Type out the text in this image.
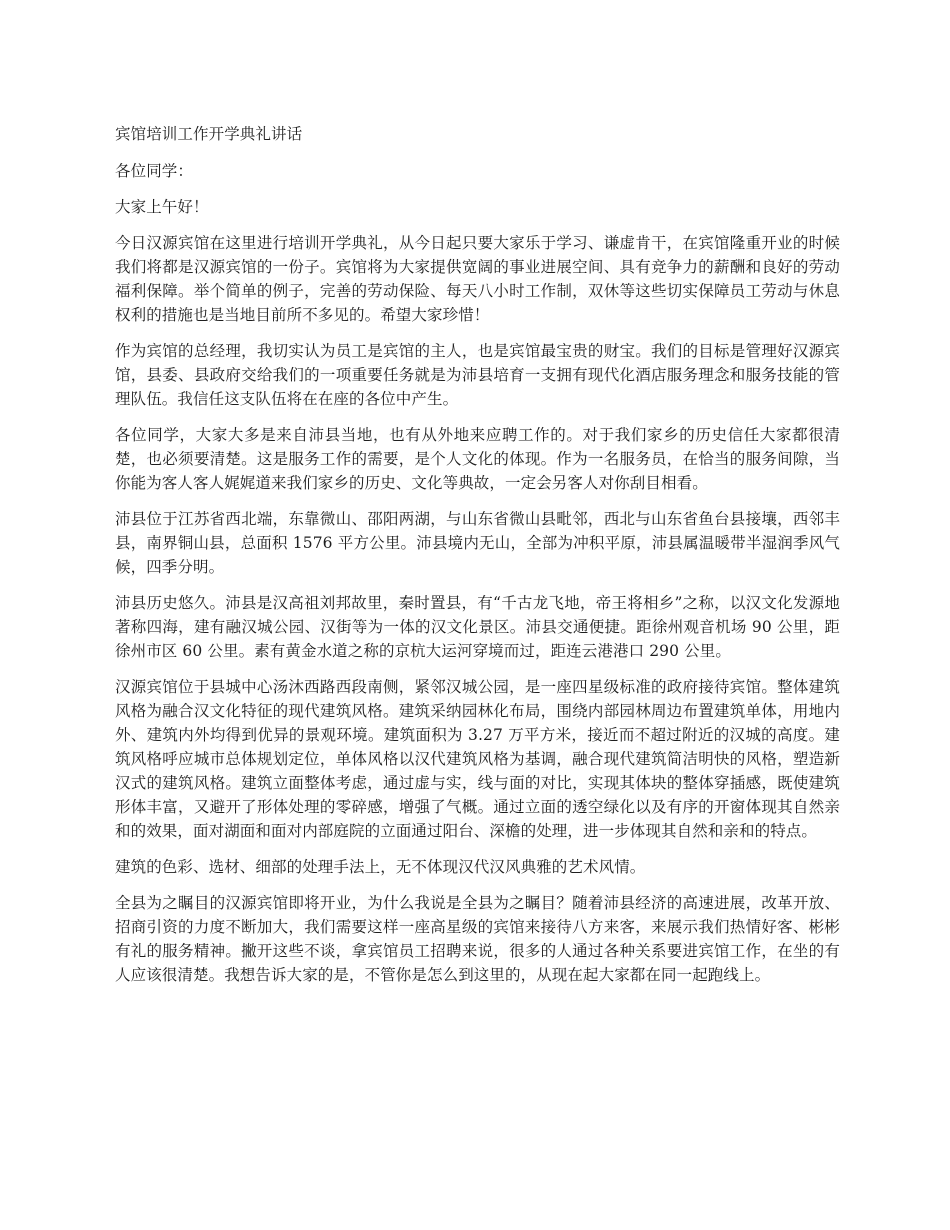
宾馆培训工作开学典礼讲话

各位同学：

大家上午好！

今日汉源宾馆在这里进行培训开学典礼，从今日起只要大家乐于学习、谦虚肯干，在宾馆隆重开业的时候我们将都是汉源宾馆的一份子。宾馆将为大家提供宽阔的事业进展空间、具有竞争力的薪酬和良好的劳动福利保障。举个简单的例子，完善的劳动保险、每天八小时工作制，双休等这些切实保障员工劳动与休息权利的措施也是当地目前所不多见的。希望大家珍惜！

作为宾馆的总经理，我切实认为员工是宾馆的主人，也是宾馆最宝贵的财宝。我们的目标是管理好汉源宾馆，县委、县政府交给我们的一项重要任务就是为沛县培育一支拥有现代化酒店服务理念和服务技能的管理队伍。我信任这支队伍将在在座的各位中产生。

各位同学，大家大多是来自沛县当地，也有从外地来应聘工作的。对于我们家乡的历史信任大家都很清楚，也必须要清楚。这是服务工作的需要，是个人文化的体现。作为一名服务员，在恰当的服务间隙，当你能为客人客人娓娓道来我们家乡的历史、文化等典故，一定会另客人对你刮目相看。

沛县位于江苏省西北端，东靠微山、邵阳两湖，与山东省微山县毗邻，西北与山东省鱼台县接壤，西邻丰县，南界铜山县，总面积 1576 平方公里。沛县境内无山，全部为冲积平原，沛县属温暖带半湿润季风气候，四季分明。

沛县历史悠久。沛县是汉高祖刘邦故里，秦时置县，有“千古龙飞地，帝王将相乡”之称，以汉文化发源地著称四海，建有融汉城公园、汉街等为一体的汉文化景区。沛县交通便捷。距徐州观音机场 90 公里，距徐州市区 60 公里。素有黄金水道之称的京杭大运河穿境而过，距连云港港口 290 公里。

汉源宾馆位于县城中心汤沐西路西段南侧，紧邻汉城公园，是一座四星级标准的政府接待宾馆。整体建筑风格为融合汉文化特征的现代建筑风格。建筑采纳园林化布局，围绕内部园林周边布置建筑单体，用地内外、建筑内外均得到优异的景观环境。建筑面积为 3.27 万平方米，接近而不超过附近的汉城的高度。建筑风格呼应城市总体规划定位，单体风格以汉代建筑风格为基调，融合现代建筑简洁明快的风格，塑造新汉式的建筑风格。建筑立面整体考虑，通过虚与实，线与面的对比，实现其体块的整体穿插感，既使建筑形体丰富，又避开了形体处理的零碎感，增强了气概。通过立面的透空绿化以及有序的开窗体现其自然亲和的效果，面对湖面和面对内部庭院的立面通过阳台、深檐的处理，进一步体现其自然和亲和的特点。

建筑的色彩、选材、细部的处理手法上，无不体现汉代汉风典雅的艺术风情。

全县为之瞩目的汉源宾馆即将开业，为什么我说是全县为之瞩目？随着沛县经济的高速进展，改革开放、招商引资的力度不断加大，我们需要这样一座高星级的宾馆来接待八方来客，来展示我们热情好客、彬彬有礼的服务精神。撇开这些不谈，拿宾馆员工招聘来说，很多的人通过各种关系要进宾馆工作，在坐的有人应该很清楚。我想告诉大家的是，不管你是怎么到这里的，从现在起大家都在同一起跑线上。
